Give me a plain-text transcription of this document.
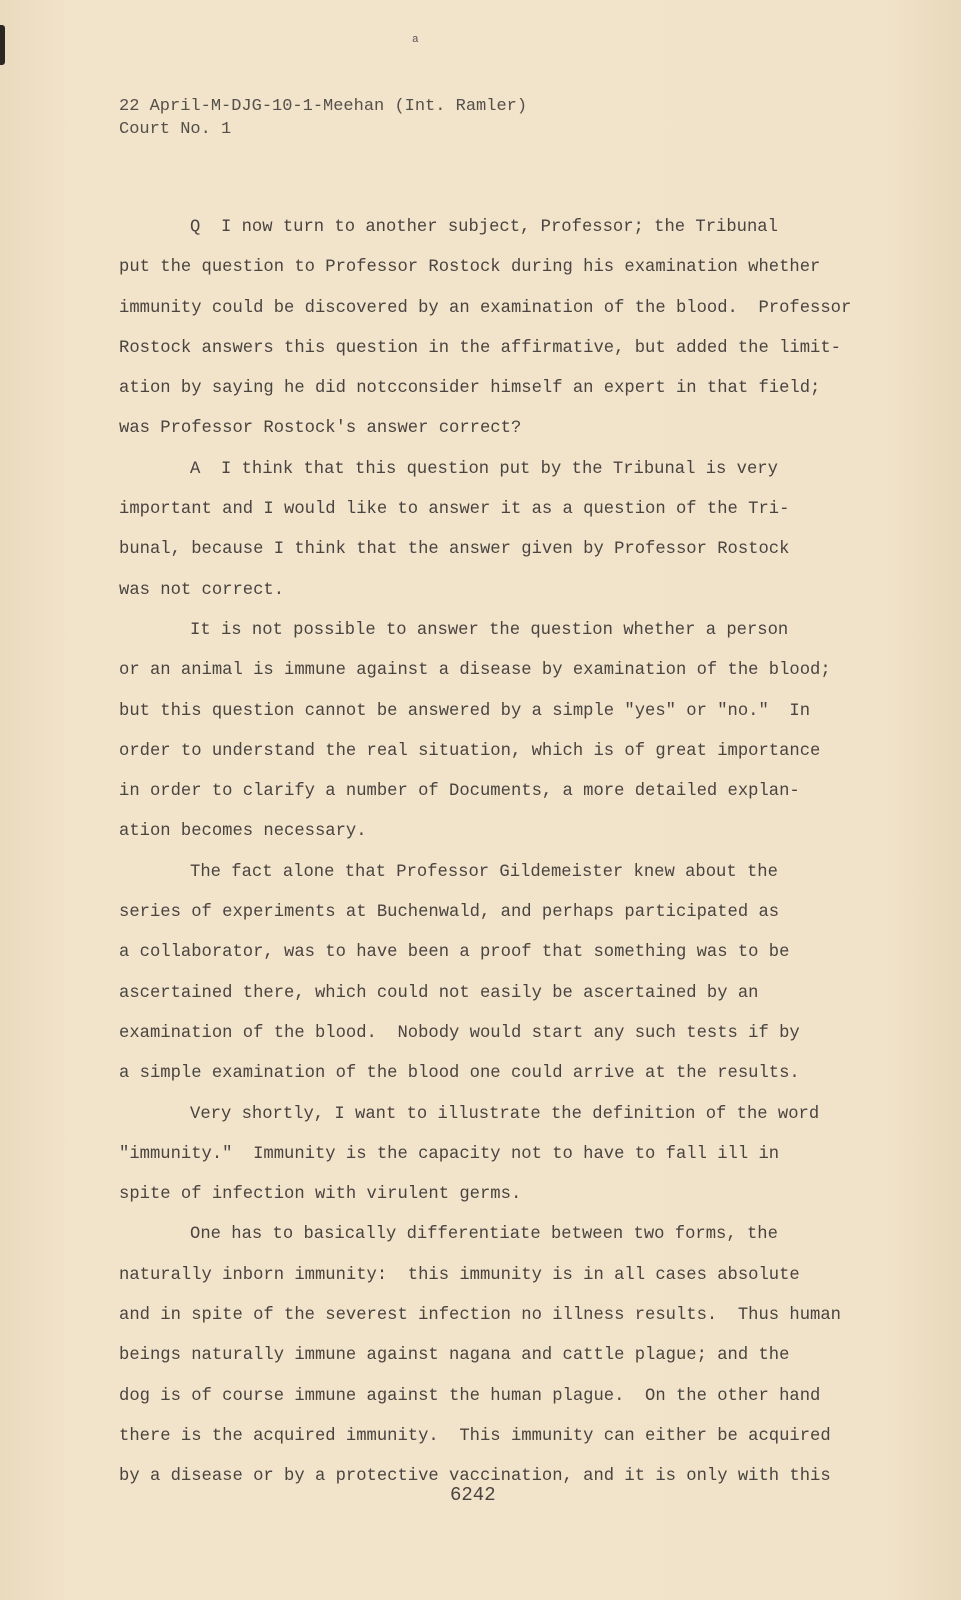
a
22 April-M-DJG-10-1-Meehan (Int. Ramler)
Court No. 1
Q  I now turn to another subject, Professor; the Tribunal
put the question to Professor Rostock during his examination whether
immunity could be discovered by an examination of the blood.  Professor
Rostock answers this question in the affirmative, but added the limit-
ation by saying he did notcconsider himself an expert in that field;
was Professor Rostock's answer correct?
A  I think that this question put by the Tribunal is very
important and I would like to answer it as a question of the Tri-
bunal, because I think that the answer given by Professor Rostock
was not correct.
It is not possible to answer the question whether a person
or an animal is immune against a disease by examination of the blood;
but this question cannot be answered by a simple "yes" or "no."  In
order to understand the real situation, which is of great importance
in order to clarify a number of Documents, a more detailed explan-
ation becomes necessary.
The fact alone that Professor Gildemeister knew about the
series of experiments at Buchenwald, and perhaps participated as
a collaborator, was to have been a proof that something was to be
ascertained there, which could not easily be ascertained by an
examination of the blood.  Nobody would start any such tests if by
a simple examination of the blood one could arrive at the results.
Very shortly, I want to illustrate the definition of the word
"immunity."  Immunity is the capacity not to have to fall ill in
spite of infection with virulent germs.
One has to basically differentiate between two forms, the
naturally inborn immunity:  this immunity is in all cases absolute
and in spite of the severest infection no illness results.  Thus human
beings naturally immune against nagana and cattle plague; and the
dog is of course immune against the human plague.  On the other hand
there is the acquired immunity.  This immunity can either be acquired
by a disease or by a protective vaccination, and it is only with this
6242
